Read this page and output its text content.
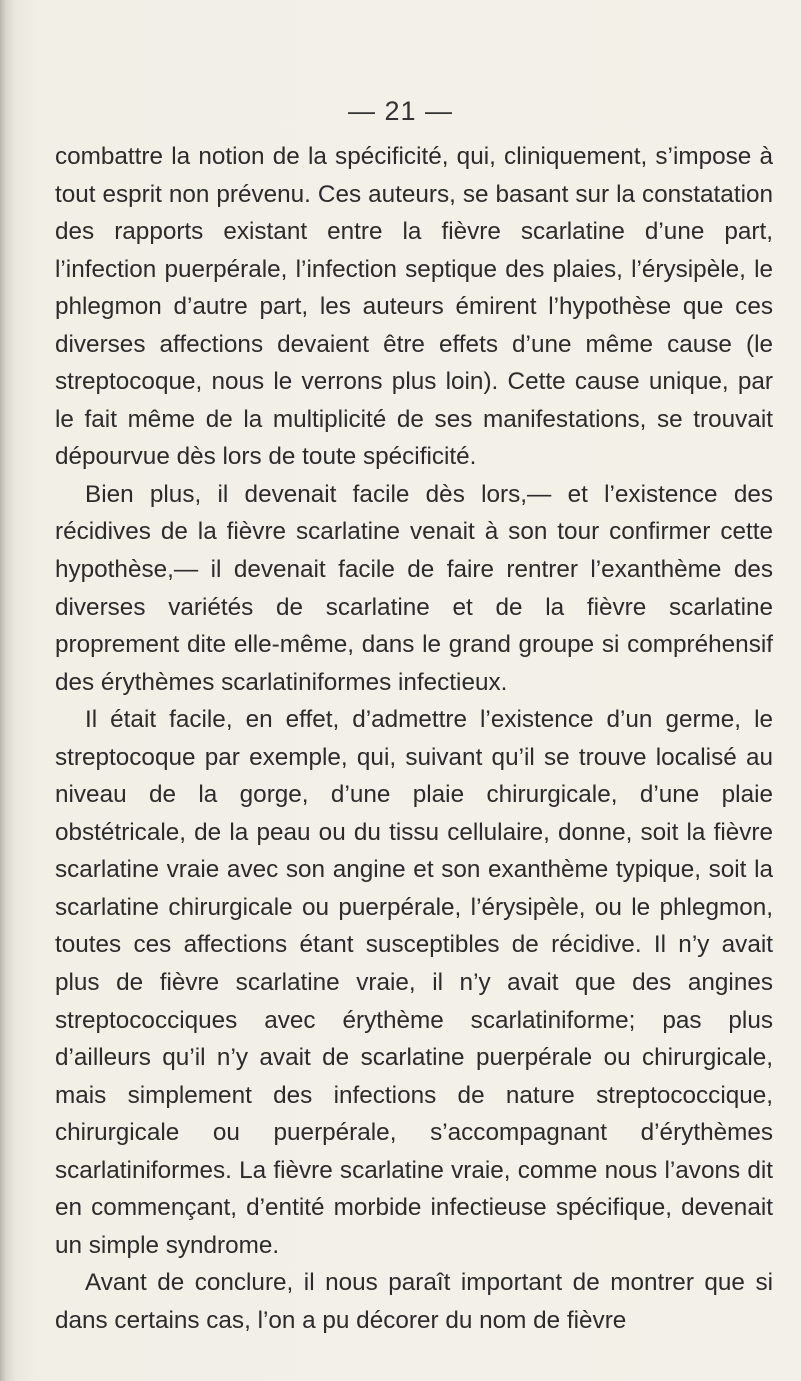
— 21 —

combattre la notion de la spécificité, qui, cliniquement, s’impose à tout esprit non prévenu. Ces auteurs, se basant sur la constatation des rapports existant entre la fièvre scarlatine d’une part, l’infection puerpérale, l’infection septique des plaies, l’érysipèle, le phlegmon d’autre part, les auteurs émirent l’hypothèse que ces diverses affections devaient être effets d’une même cause (le streptocoque, nous le verrons plus loin). Cette cause unique, par le fait même de la multiplicité de ses manifestations, se trouvait dépourvue dès lors de toute spécificité.

Bien plus, il devenait facile dès lors,— et l’existence des récidives de la fièvre scarlatine venait à son tour confirmer cette hypothèse,— il devenait facile de faire rentrer l’exanthème des diverses variétés de scarlatine et de la fièvre scarlatine proprement dite elle-même, dans le grand groupe si compréhensif des érythèmes scarlatiniformes infectieux.

Il était facile, en effet, d’admettre l’existence d’un germe, le streptocoque par exemple, qui, suivant qu’il se trouve localisé au niveau de la gorge, d’une plaie chirurgicale, d’une plaie obstétricale, de la peau ou du tissu cellulaire, donne, soit la fièvre scarlatine vraie avec son angine et son exanthème typique, soit la scarlatine chirurgicale ou puerpérale, l’érysipèle, ou le phlegmon, toutes ces affections étant susceptibles de récidive. Il n’y avait plus de fièvre scarlatine vraie, il n’y avait que des angines streptococciques avec érythème scarlatiniforme; pas plus d’ailleurs qu’il n’y avait de scarlatine puerpérale ou chirurgicale, mais simplement des infections de nature streptococcique, chirurgicale ou puerpérale, s’accompagnant d’érythèmes scarlatiniformes. La fièvre scarlatine vraie, comme nous l’avons dit en commençant, d’entité morbide infectieuse spécifique, devenait un simple syndrome.

Avant de conclure, il nous paraît important de montrer que si dans certains cas, l’on a pu décorer du nom de fièvre
